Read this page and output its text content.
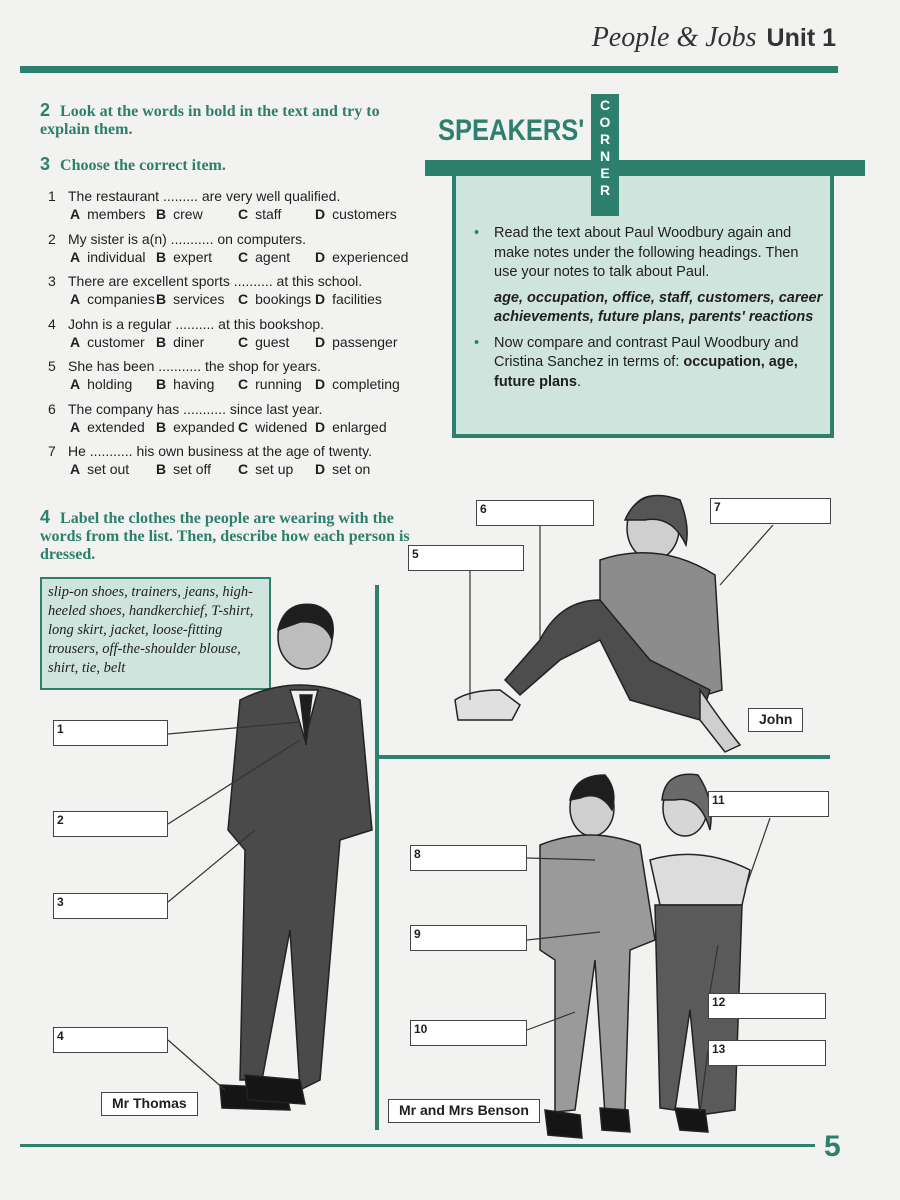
People & Jobs Unit 1
2 Look at the words in bold in the text and try to explain them.
3 Choose the correct item.
1 The restaurant ......... are very well qualified.
A members B crew	C staff D customers
2 My sister is a(n) ........... on computers.
A individual B expert C agent D experienced
3 There are excellent sports .......... at this school.
A companies B services C bookings D facilities
4 John is a regular .......... at this bookshop.
A customer B diner C guest D passenger
5 She has been ........... the shop for years.
A holding B having C running D completing
6 The company has ........... since last year.
A extended B expanded C widened D enlarged
7 He ........... his own business at the age of twenty.
A set out B set off C set up D set on
4 Label the clothes the people are wearing with the words from the list. Then, describe how each person is dressed.
slip-on shoes, trainers, jeans, high-heeled shoes, handkerchief, T-shirt, long skirt, jacket, loose-fitting trousers, off-the-shoulder blouse, shirt, tie, belt
SPEAKERS'
C
O
R
N
E
R

• Read the text about Paul Woodbury again and make notes under the following headings. Then use your notes to talk about Paul.

age, occupation, office, staff, customers, career achievements, future plans, parents' reactions

• Now compare and contrast Paul Woodbury and Cristina Sanchez in terms of: occupation, age, future plans.

1
2
3
4
5
6	7
8
9
10
11
12
13
Mr Thomas
John
Mr and Mrs Benson
5
